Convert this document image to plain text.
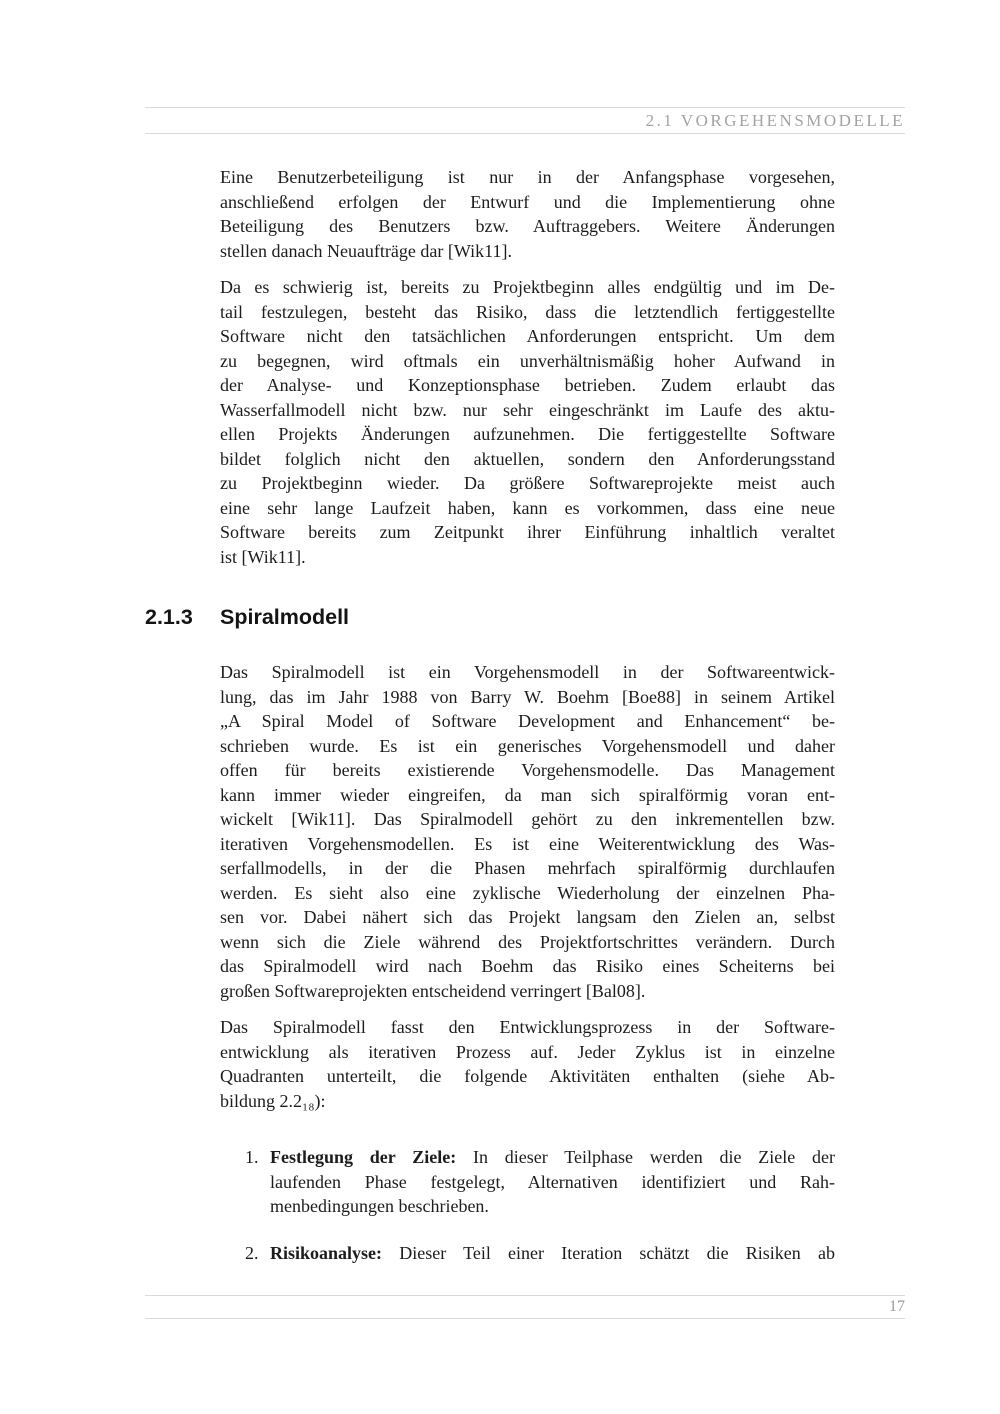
2.1 VORGEHENSMODELLE
Eine Benutzerbeteiligung ist nur in der Anfangsphase vorgesehen,
anschließend erfolgen der Entwurf und die Implementierung ohne
Beteiligung des Benutzers bzw. Auftraggebers. Weitere Änderungen
stellen danach Neuaufträge dar [Wik11].
Da es schwierig ist, bereits zu Projektbeginn alles endgültig und im De-
tail festzulegen, besteht das Risiko, dass die letztendlich fertiggestellte
Software nicht den tatsächlichen Anforderungen entspricht. Um dem
zu begegnen, wird oftmals ein unverhältnismäßig hoher Aufwand in
der Analyse- und Konzeptionsphase betrieben. Zudem erlaubt das
Wasserfallmodell nicht bzw. nur sehr eingeschränkt im Laufe des aktu-
ellen Projekts Änderungen aufzunehmen. Die fertiggestellte Software
bildet folglich nicht den aktuellen, sondern den Anforderungsstand
zu Projektbeginn wieder. Da größere Softwareprojekte meist auch
eine sehr lange Laufzeit haben, kann es vorkommen, dass eine neue
Software bereits zum Zeitpunkt ihrer Einführung inhaltlich veraltet
ist [Wik11].
2.1.3	Spiralmodell
Das Spiralmodell ist ein Vorgehensmodell in der Softwareentwick-
lung, das im Jahr 1988 von Barry W. Boehm [Boe88] in seinem Artikel
„A Spiral Model of Software Development and Enhancement“ be-
schrieben wurde. Es ist ein generisches Vorgehensmodell und daher
offen für bereits existierende Vorgehensmodelle. Das Management
kann immer wieder eingreifen, da man sich spiralförmig voran ent-
wickelt [Wik11]. Das Spiralmodell gehört zu den inkrementellen bzw.
iterativen Vorgehensmodellen. Es ist eine Weiterentwicklung des Was-
serfallmodells, in der die Phasen mehrfach spiralförmig durchlaufen
werden. Es sieht also eine zyklische Wiederholung der einzelnen Pha-
sen vor. Dabei nähert sich das Projekt langsam den Zielen an, selbst
wenn sich die Ziele während des Projektfortschrittes verändern. Durch
das Spiralmodell wird nach Boehm das Risiko eines Scheiterns bei
großen Softwareprojekten entscheidend verringert [Bal08].
Das Spiralmodell fasst den Entwicklungsprozess in der Software-
entwicklung als iterativen Prozess auf. Jeder Zyklus ist in einzelne
Quadranten unterteilt, die folgende Aktivitäten enthalten (siehe Ab-
bildung 2.2₁₈):
1. Festlegung der Ziele: In dieser Teilphase werden die Ziele der
laufenden Phase festgelegt, Alternativen identifiziert und Rah-
menbedingungen beschrieben.
2. Risikoanalyse: Dieser Teil einer Iteration schätzt die Risiken ab
17
